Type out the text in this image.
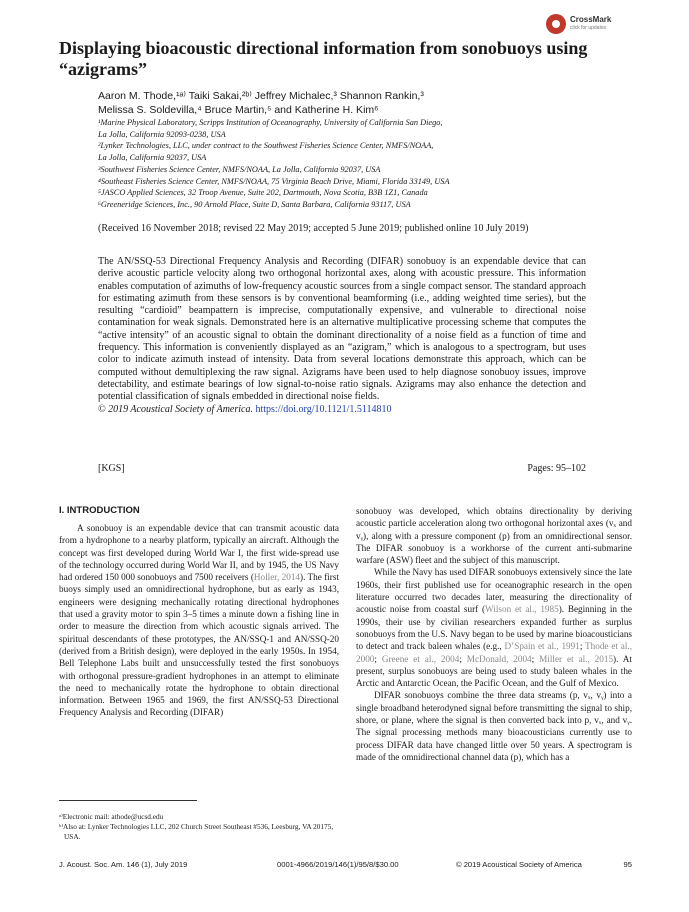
CrossMark
click for updates
Displaying bioacoustic directional information from sonobuoys using “azigrams”
Aaron M. Thode,¹ᵃ⁾ Taiki Sakai,²ᵇ⁾ Jeffrey Michalec,³ Shannon Rankin,³
Melissa S. Soldevilla,⁴ Bruce Martin,⁵ and Katherine H. Kim⁶
¹Marine Physical Laboratory, Scripps Institution of Oceanography, University of California San Diego,
La Jolla, California 92093-0238, USA
²Lynker Technologies, LLC, under contract to the Southwest Fisheries Science Center, NMFS/NOAA,
La Jolla, California 92037, USA
³Southwest Fisheries Science Center, NMFS/NOAA, La Jolla, California 92037, USA
⁴Southeast Fisheries Science Center, NMFS/NOAA, 75 Virginia Beach Drive, Miami, Florida 33149, USA
⁵JASCO Applied Sciences, 32 Troop Avenue, Suite 202, Dartmouth, Nova Scotia, B3B 1Z1, Canada
⁶Greeneridge Sciences, Inc., 90 Arnold Place, Suite D, Santa Barbara, California 93117, USA
(Received 16 November 2018; revised 22 May 2019; accepted 5 June 2019; published online 10 July 2019)
The AN/SSQ-53 Directional Frequency Analysis and Recording (DIFAR) sonobuoy is an expendable device that can derive acoustic particle velocity along two orthogonal horizontal axes, along with acoustic pressure. This information enables computation of azimuths of low-frequency acoustic sources from a single compact sensor. The standard approach for estimating azimuth from these sensors is by conventional beamforming (i.e., adding weighted time series), but the resulting “cardioid” beampattern is imprecise, computationally expensive, and vulnerable to directional noise contamination for weak signals. Demonstrated here is an alternative multiplicative processing scheme that computes the “active intensity” of an acoustic signal to obtain the dominant directionality of a noise field as a function of time and frequency. This information is conveniently displayed as an “azigram,” which is analogous to a spectrogram, but uses color to indicate azimuth instead of intensity. Data from several locations demonstrate this approach, which can be computed without demultiplexing the raw signal. Azigrams have been used to help diagnose sonobuoy issues, improve detectability, and estimate bearings of low signal-to-noise ratio signals. Azigrams may also enhance the detection and potential classification of signals embedded in directional noise fields.
© 2019 Acoustical Society of America. https://doi.org/10.1121/1.5114810
[KGS]	Pages: 95–102
I. INTRODUCTION

A sonobuoy is an expendable device that can transmit acoustic data from a hydrophone to a nearby platform, typically an aircraft. Although the concept was first developed during World War I, the first wide-spread use of the technology occurred during World War II, and by 1945, the US Navy had ordered 150 000 sonobuoys and 7500 receivers (Holler, 2014). The first buoys simply used an omnidirectional hydrophone, but as early as 1943, engineers were designing mechanically rotating directional hydrophones that used a gravity motor to spin 3–5 times a minute down a fishing line in order to measure the direction from which acoustic signals arrived. The spiritual descendants of these prototypes, the AN/SSQ-1 and AN/SSQ-20 (derived from a British design), were deployed in the early 1950s. In 1954, Bell Telephone Labs built and unsuccessfully tested the first sonobuoys with orthogonal pressure-gradient hydrophones in an attempt to eliminate the need to mechanically rotate the hydrophone to obtain directional information. Between 1965 and 1969, the first AN/SSQ-53 Directional Frequency Analysis and Recording (DIFAR)

sonobuoy was developed, which obtains directionality by deriving acoustic particle acceleration along two orthogonal horizontal axes (vₓ and vᵧ), along with a pressure component (p) from an omnidirectional sensor. The DIFAR sonobuoy is a workhorse of the current anti-submarine warfare (ASW) fleet and the subject of this manuscript.

While the Navy has used DIFAR sonobuoys extensively since the late 1960s, their first published use for oceanographic research in the open literature occurred two decades later, measuring the directionality of acoustic noise from coastal surf (Wilson et al., 1985). Beginning in the 1990s, their use by civilian researchers expanded further as surplus sonobuoys from the U.S. Navy began to be used by marine bioacousticians to detect and track baleen whales (e.g., D’Spain et al., 1991; Thode et al., 2000; Greene et al., 2004; McDonald, 2004; Miller et al., 2015). At present, surplus sonobuoys are being used to study baleen whales in the Arctic and Antarctic Ocean, the Pacific Ocean, and the Gulf of Mexico.

DIFAR sonobuoys combine the three data streams (p, vₓ, vᵧ) into a single broadband heterodyned signal before transmitting the signal to ship, shore, or plane, where the signal is then converted back into p, vₓ, and vᵧ. The signal processing methods many bioacousticians currently use to process DIFAR data have changed little over 50 years. A spectrogram is made of the omnidirectional channel data (p), which has a

ᵃ⁾Electronic mail: athode@ucsd.edu
ᵇ⁾Also at: Lynker Technologies LLC, 202 Church Street Southeast #536, Leesburg, VA 20175, USA.
J. Acoust. Soc. Am. 146 (1), July 2019	0001-4966/2019/146(1)/95/8/$30.00	© 2019 Acoustical Society of America	95
